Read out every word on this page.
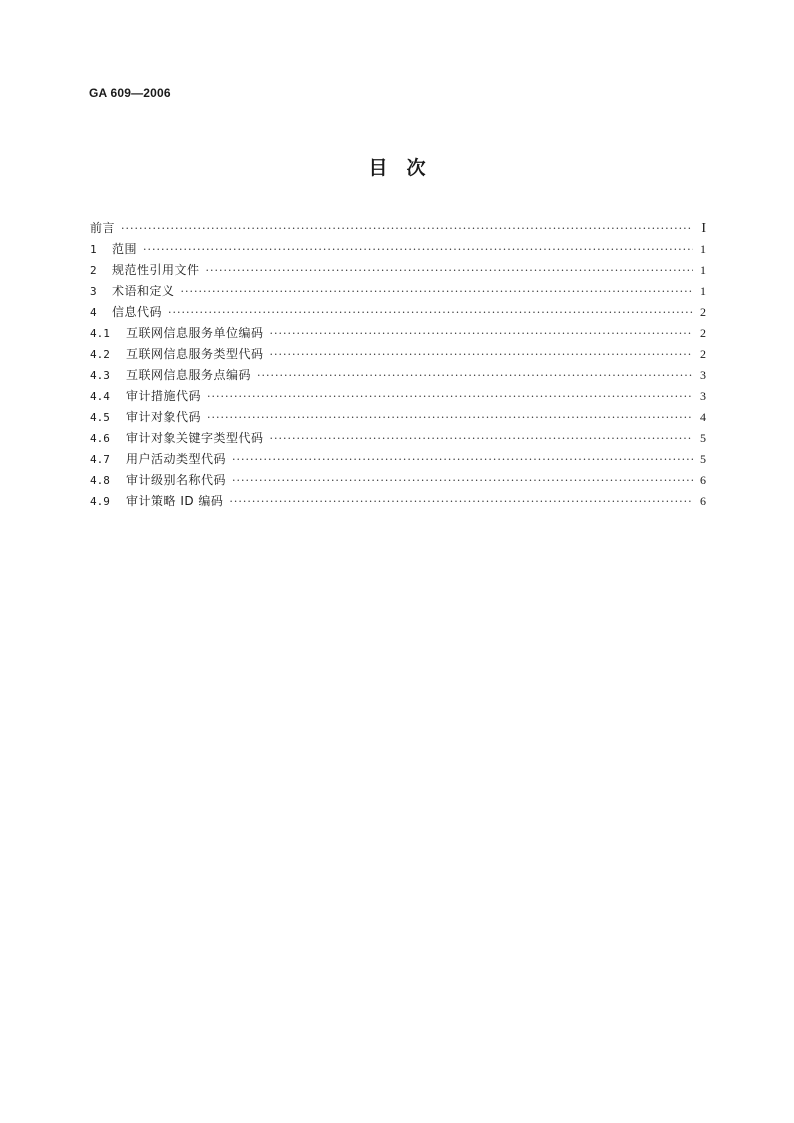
GA 609—2006
目　次
前言 ·····	I
1	范围 ·····	1
2	规范性引用文件 ·····	1
3	术语和定义 ·····	1
4	信息代码 ·····	2
4.1	互联网信息服务单位编码 ·····	2
4.2	互联网信息服务类型代码 ·····	2
4.3	互联网信息服务点编码 ·····	3
4.4	审计措施代码 ·····	3
4.5	审计对象代码 ·····	4
4.6	审计对象关键字类型代码 ·····	5
4.7	用户活动类型代码 ·····	5
4.8	审计级别名称代码 ·····	6
4.9	审计策略 ID 编码 ·····	6
